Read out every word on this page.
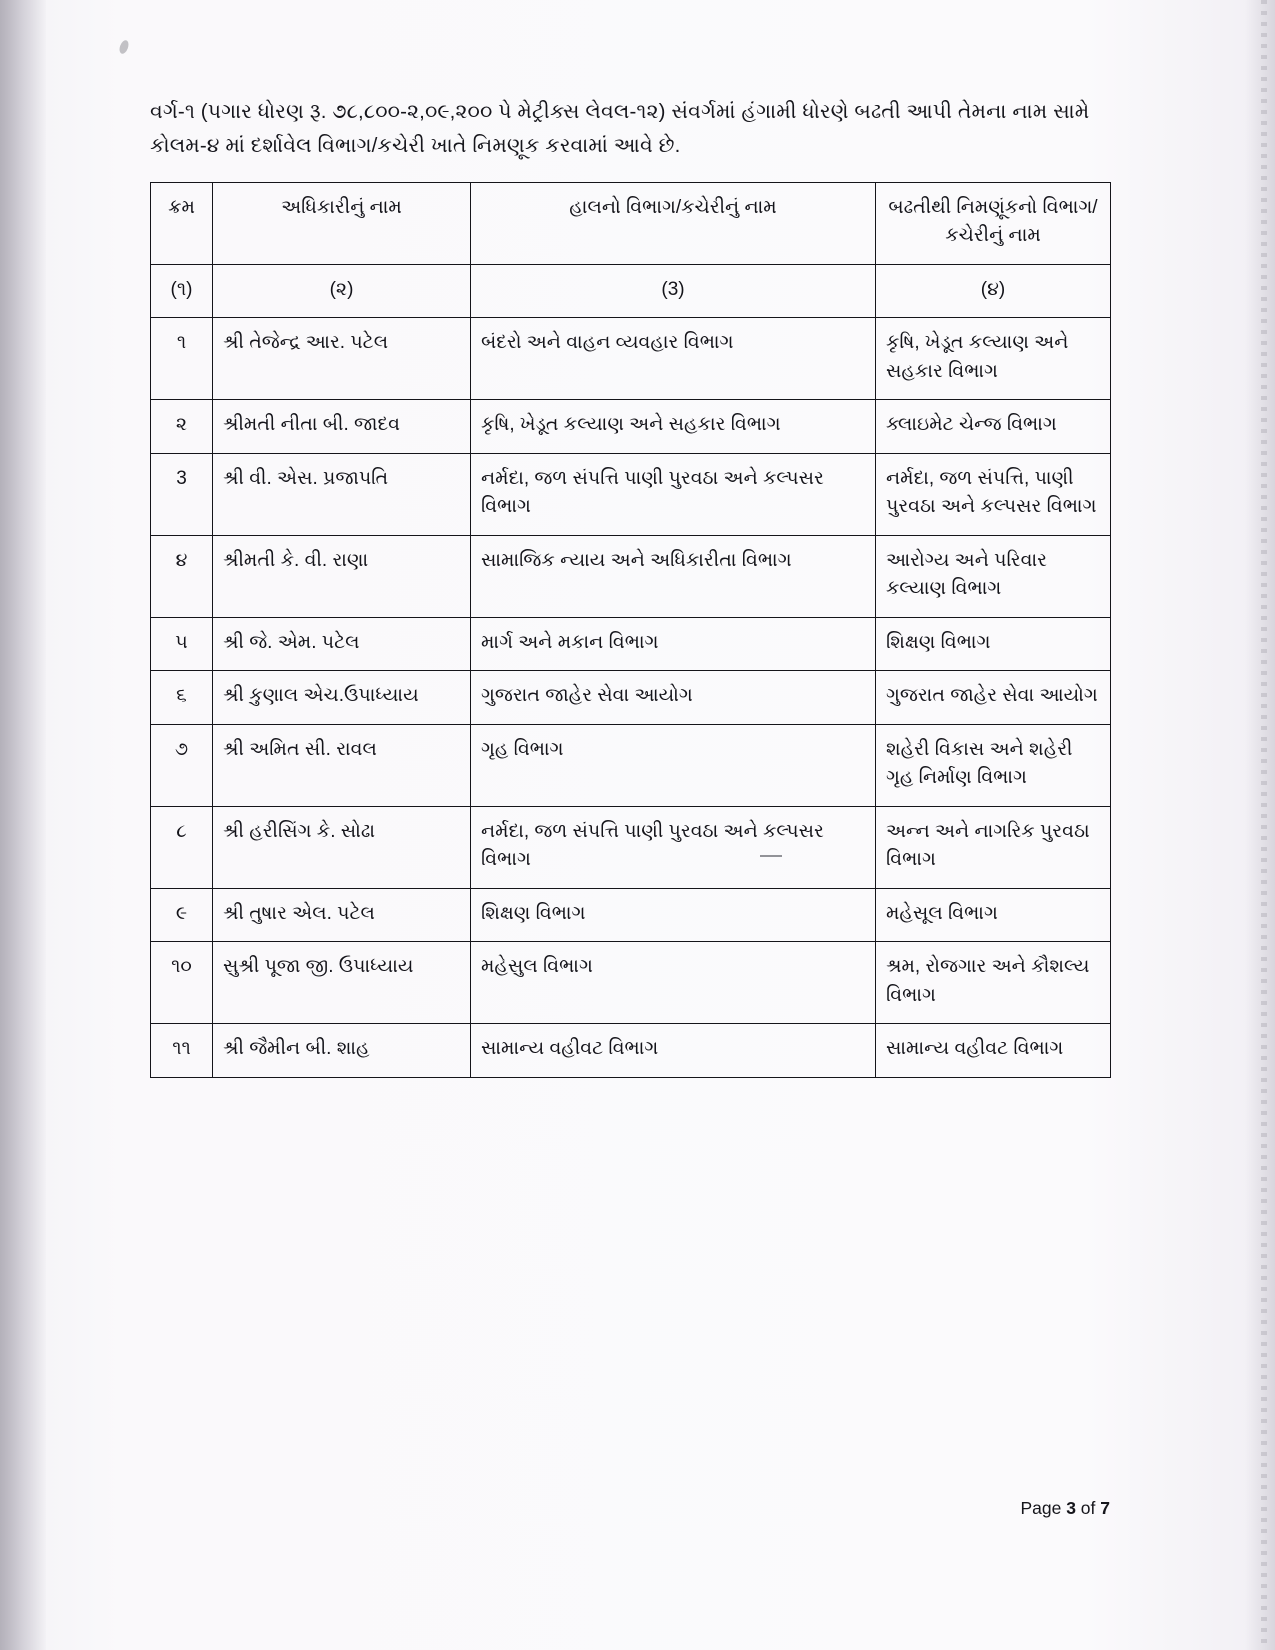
વર્ગ-૧ (પગાર ધોરણ રૂ. ૭૮,૮૦૦-૨,૦૯,૨૦૦ પે મેટ્રીક્સ લેવલ-૧૨) સંવર્ગમાં હંગામી ધોરણે બઢતી આપી તેમના નામ સામે કોલમ-૪ માં દર્શાવેલ વિભાગ/કચેરી ખાતે નિમણૂક કરવામાં આવે છે.

ક્રમ	અધિકારીનું નામ	હાલનો વિભાગ/કચેરીનું નામ	બઢતીથી નિમણૂંકનો વિભાગ/કચેરીનું નામ
(૧)	(૨)	(3)	(૪)
૧	શ્રી તેજેન્દ્ર આર. પટેલ	બંદરો અને વાહન વ્યવહાર વિભાગ	કૃષિ, ખેડૂત કલ્યાણ અને સહકાર વિભાગ
૨	શ્રીમતી નીતા બી. જાદવ	કૃષિ, ખેડૂત કલ્યાણ અને સહકાર વિભાગ	ક્લાઇમેટ ચેન્જ વિભાગ
3	શ્રી વી. એસ. પ્રજાપતિ	નર્મદા, જળ સંપત્તિ પાણી પુરવઠા અને કલ્પસર વિભાગ	નર્મદા, જળ સંપત્તિ, પાણી પુરવઠા અને કલ્પસર વિભાગ
૪	શ્રીમતી કે. વી. રાણા	સામાજિક ન્યાય અને અધિકારીતા વિભાગ	આરોગ્ય અને પરિવાર કલ્યાણ વિભાગ
૫	શ્રી જે. એમ. પટેલ	માર્ગ અને મકાન વિભાગ	શિક્ષણ વિભાગ
૬	શ્રી કુણાલ એચ.ઉપાધ્યાય	ગુજરાત જાહેર સેવા આયોગ	ગુજરાત જાહેર સેવા આયોગ
૭	શ્રી અમિત સી. રાવલ	ગૃહ વિભાગ	શહેરી વિકાસ અને શહેરી ગૃહ નિર્માણ વિભાગ
૮	શ્રી હરીસિંગ કે. સોઢા	નર્મદા, જળ સંપત્તિ પાણી પુરવઠા અને કલ્પસર વિભાગ	અન્ન અને નાગરિક પુરવઠા વિભાગ
૯	શ્રી તુષાર એલ. પટેલ	શિક્ષણ વિભાગ	મહેસૂલ વિભાગ
૧૦	સુશ્રી પૂજા જી. ઉપાધ્યાય	મહેસુલ વિભાગ	શ્રમ, રોજગાર અને કૌશલ્ય વિભાગ
૧૧	શ્રી જૈમીન બી. શાહ	સામાન્ય વહીવટ વિભાગ	સામાન્ય વહીવટ વિભાગ
Page 3 of 7
